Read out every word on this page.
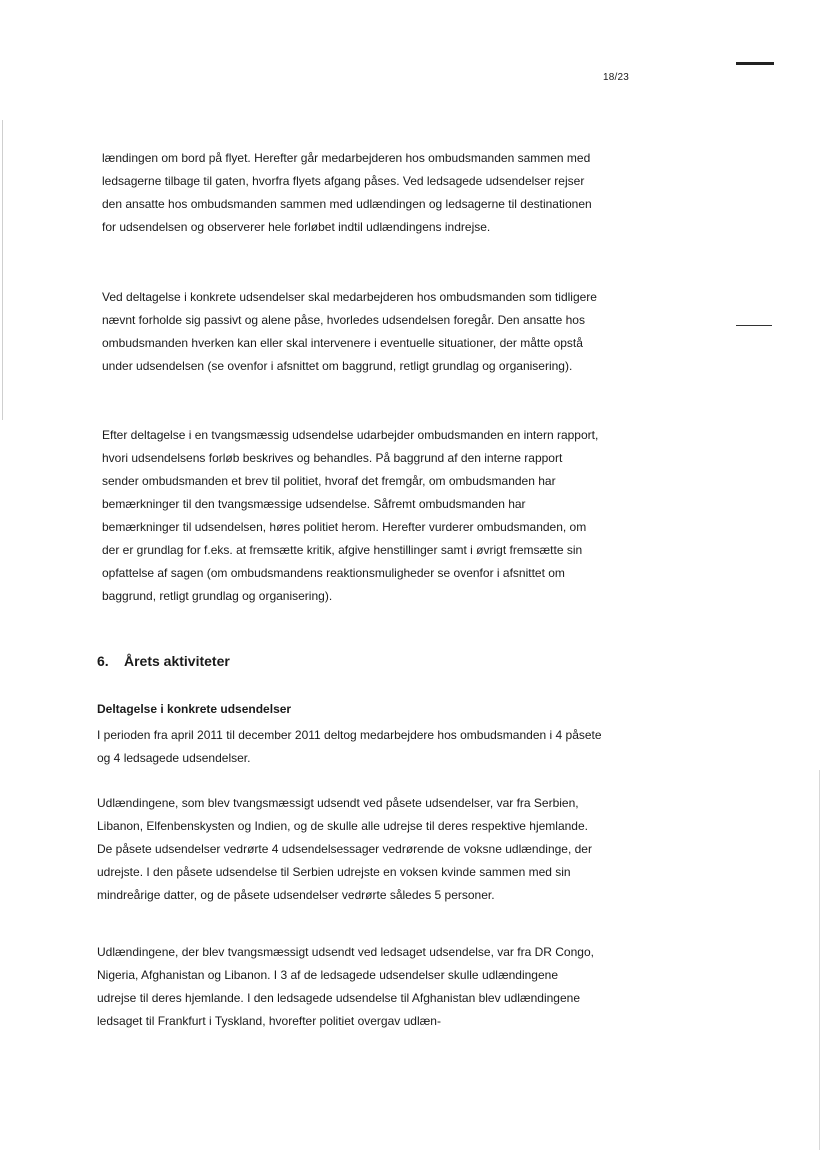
18/23

lændingen om bord på flyet. Herefter går medarbejderen hos ombudsmanden sammen med ledsagerne tilbage til gaten, hvorfra flyets afgang påses. Ved ledsagede udsendelser rejser den ansatte hos ombudsmanden sammen med udlændingen og ledsagerne til destinationen for udsendelsen og observerer hele forløbet indtil udlændingens indrejse.

Ved deltagelse i konkrete udsendelser skal medarbejderen hos ombudsmanden som tidligere nævnt forholde sig passivt og alene påse, hvorledes udsendelsen foregår. Den ansatte hos ombudsmanden hverken kan eller skal intervenere i eventuelle situationer, der måtte opstå under udsendelsen (se ovenfor i afsnittet om baggrund, retligt grundlag og organisering).

Efter deltagelse i en tvangsmæssig udsendelse udarbejder ombudsmanden en intern rapport, hvori udsendelsens forløb beskrives og behandles. På baggrund af den interne rapport sender ombudsmanden et brev til politiet, hvoraf det fremgår, om ombudsmanden har bemærkninger til den tvangsmæssige udsendelse. Såfremt ombudsmanden har bemærkninger til udsendelsen, høres politiet herom. Herefter vurderer ombudsmanden, om der er grundlag for f.eks. at fremsætte kritik, afgive henstillinger samt i øvrigt fremsætte sin opfattelse af sagen (om ombudsmandens reaktionsmuligheder se ovenfor i afsnittet om baggrund, retligt grundlag og organisering).

6. Årets aktiviteter
Deltagelse i konkrete udsendelser

I perioden fra april 2011 til december 2011 deltog medarbejdere hos ombudsmanden i 4 påsete og 4 ledsagede udsendelser.

Udlændingene, som blev tvangsmæssigt udsendt ved påsete udsendelser, var fra Serbien, Libanon, Elfenbenskysten og Indien, og de skulle alle udrejse til deres respektive hjemlande. De påsete udsendelser vedrørte 4 udsendelsessager vedrørende de voksne udlændinge, der udrejste. I den påsete udsendelse til Serbien udrejste en voksen kvinde sammen med sin mindreårige datter, og de påsete udsendelser vedrørte således 5 personer.

Udlændingene, der blev tvangsmæssigt udsendt ved ledsaget udsendelse, var fra DR Congo, Nigeria, Afghanistan og Libanon. I 3 af de ledsagede udsendelser skulle udlændingene udrejse til deres hjemlande. I den ledsagede udsendelse til Afghanistan blev udlændingene ledsaget til Frankfurt i Tyskland, hvorefter politiet overgav udlæn-
